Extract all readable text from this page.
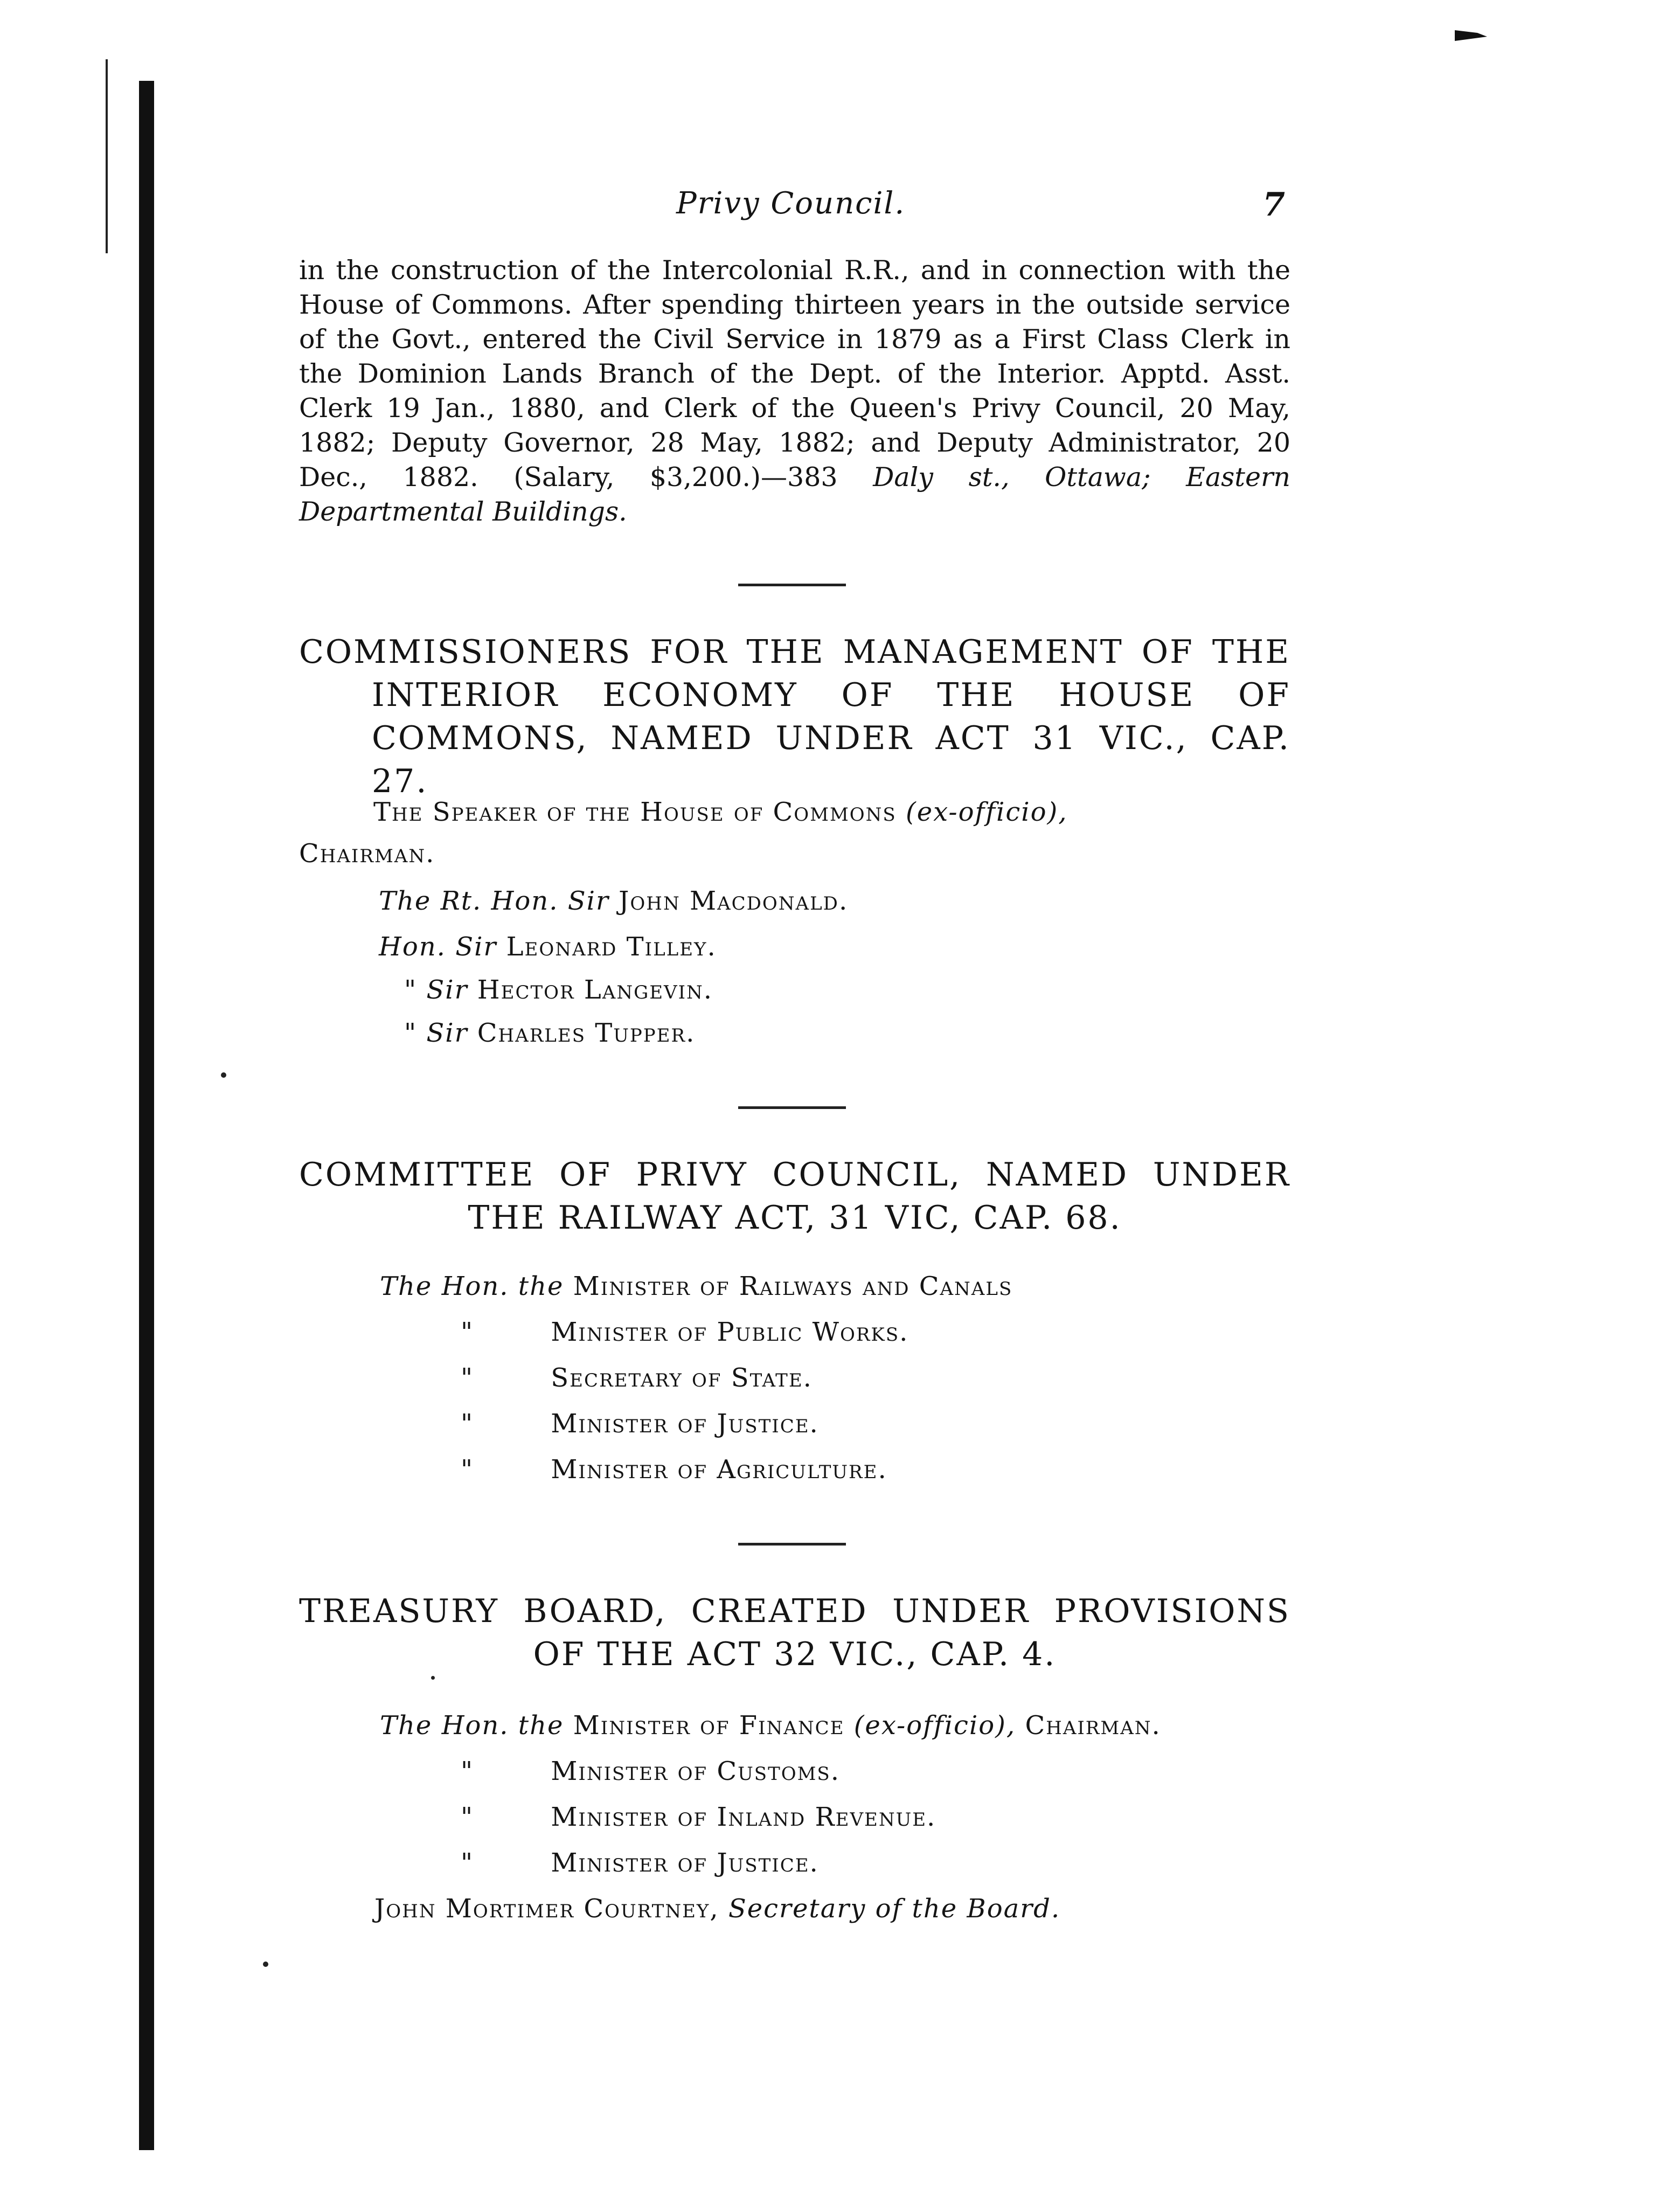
Privy Council.	7
in the construction of the Intercolonial R.R., and in connection with the House of Commons. After spending thirteen years in the outside service of the Govt., entered the Civil Service in 1879 as a First Class Clerk in the Dominion Lands Branch of the Dept. of the Interior. Apptd. Asst. Clerk 19 Jan., 1880, and Clerk of the Queen's Privy Council, 20 May, 1882; Deputy Governor, 28 May, 1882; and Deputy Administrator, 20 Dec., 1882. (Salary, $3,200.)—383 Daly st., Ottawa; Eastern Departmental Buildings.
COMMISSIONERS FOR THE MANAGEMENT OF THE
INTERIOR ECONOMY OF THE HOUSE OF
COMMONS, NAMED UNDER ACT 31 VIC., CAP. 27.
The Speaker of the House of Commons (ex-officio),
Chairman.
The Rt. Hon. Sir John Macdonald.
Hon. Sir Leonard Tilley.
" Sir Hector Langevin.
" Sir Charles Tupper.
COMMITTEE OF PRIVY COUNCIL, NAMED UNDER
THE RAILWAY ACT, 31 VIC, CAP. 68.
The Hon. the Minister of Railways and Canals
"	Minister of Public Works.
"	Secretary of State.
"	Minister of Justice.
"	Minister of Agriculture.
TREASURY BOARD, CREATED UNDER PROVISIONS
OF THE ACT 32 VIC., CAP. 4.
The Hon. the Minister of Finance (ex-officio), Chairman.
"	Minister of Customs.
"	Minister of Inland Revenue.
"	Minister of Justice.
John Mortimer Courtney, Secretary of the Board.
